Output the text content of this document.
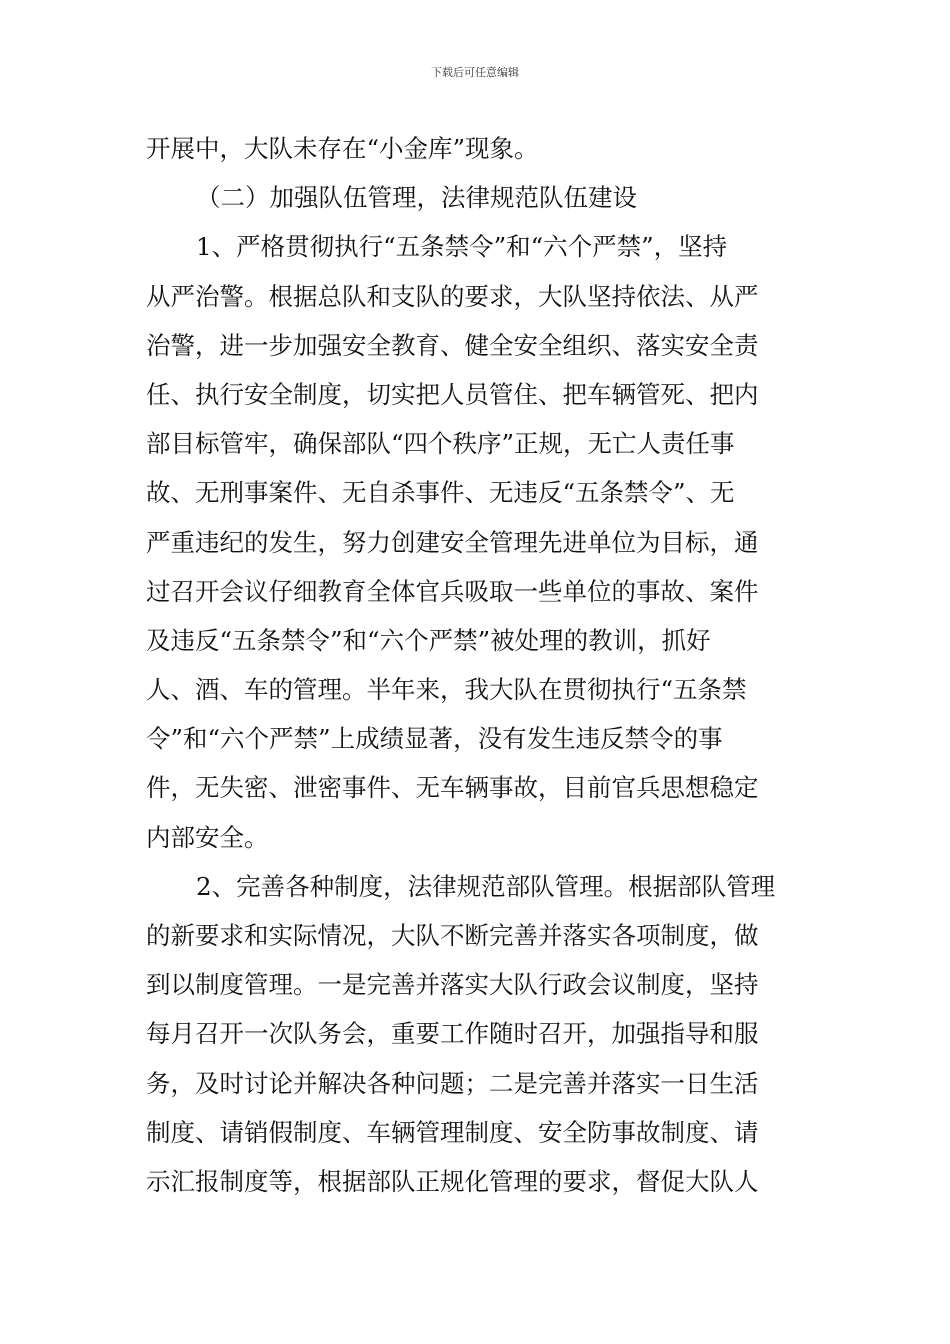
下载后可任意编辑
开展中，大队未存在“小金库”现象。
（二）加强队伍管理，法律规范队伍建设
1、严格贯彻执行“五条禁令”和“六个严禁”，坚持
从严治警。根据总队和支队的要求，大队坚持依法、从严
治警，进一步加强安全教育、健全安全组织、落实安全责
任、执行安全制度，切实把人员管住、把车辆管死、把内
部目标管牢，确保部队“四个秩序”正规，无亡人责任事
故、无刑事案件、无自杀事件、无违反“五条禁令”、无
严重违纪的发生，努力创建安全管理先进单位为目标，通
过召开会议仔细教育全体官兵吸取一些单位的事故、案件
及违反“五条禁令”和“六个严禁”被处理的教训，抓好
人、酒、车的管理。半年来，我大队在贯彻执行“五条禁
令”和“六个严禁”上成绩显著，没有发生违反禁令的事
件，无失密、泄密事件、无车辆事故，目前官兵思想稳定
内部安全。
2、完善各种制度，法律规范部队管理。根据部队管理
的新要求和实际情况，大队不断完善并落实各项制度，做
到以制度管理。一是完善并落实大队行政会议制度，坚持
每月召开一次队务会，重要工作随时召开，加强指导和服
务，及时讨论并解决各种问题；二是完善并落实一日生活
制度、请销假制度、车辆管理制度、安全防事故制度、请
示汇报制度等，根据部队正规化管理的要求，督促大队人
